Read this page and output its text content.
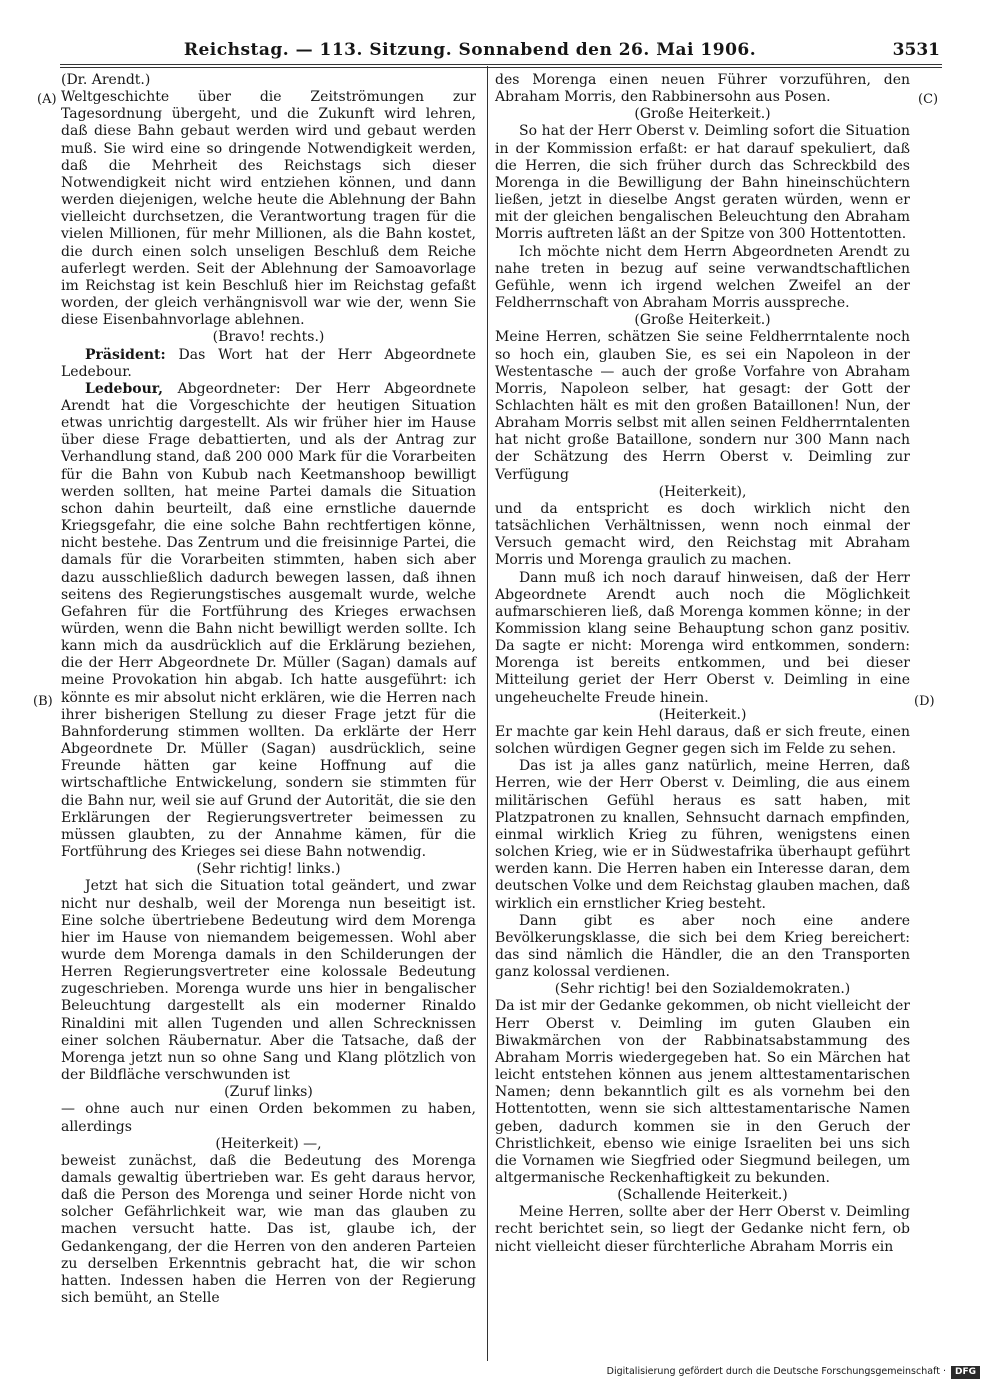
Reichstag. — 113. Sitzung. Sonnabend den 26. Mai 1906.	3531
(A)
(B)
(C)
(D)

(Dr. Arendt.)

Weltgeschichte über die Zeitströmungen zur Tagesordnung übergeht, und die Zukunft wird lehren, daß diese Bahn gebaut werden wird und gebaut werden muß. Sie wird eine so dringende Notwendigkeit werden, daß die Mehrheit des Reichstags sich dieser Notwendigkeit nicht wird entziehen können, und dann werden diejenigen, welche heute die Ablehnung der Bahn vielleicht durchsetzen, die Verantwortung tragen für die vielen Millionen, für mehr Millionen, als die Bahn kostet, die durch einen solch unseligen Beschluß dem Reiche auferlegt werden. Seit der Ablehnung der Samoavorlage im Reichstag ist kein Beschluß hier im Reichstag gefaßt worden, der gleich verhängnisvoll war wie der, wenn Sie diese Eisenbahnvorlage ablehnen.

(Bravo! rechts.)

Präsident: Das Wort hat der Herr Abgeordnete Ledebour.

Ledebour, Abgeordneter: Der Herr Abgeordnete Arendt hat die Vorgeschichte der heutigen Situation etwas unrichtig dargestellt. Als wir früher hier im Hause über diese Frage debattierten, und als der Antrag zur Verhandlung stand, daß 200 000 Mark für die Vorarbeiten für die Bahn von Kubub nach Keetmanshoop bewilligt werden sollten, hat meine Partei damals die Situation schon dahin beurteilt, daß eine ernstliche dauernde Kriegsgefahr, die eine solche Bahn rechtfertigen könne, nicht bestehe. Das Zentrum und die freisinnige Partei, die damals für die Vorarbeiten stimmten, haben sich aber dazu ausschließlich dadurch bewegen lassen, daß ihnen seitens des Regierungstisches ausgemalt wurde, welche Gefahren für die Fortführung des Krieges erwachsen würden, wenn die Bahn nicht bewilligt werden sollte. Ich kann mich da ausdrücklich auf die Erklärung beziehen, die der Herr Abgeordnete Dr. Müller (Sagan) damals auf meine Provokation hin abgab. Ich hatte ausgeführt: ich könnte es mir absolut nicht erklären, wie die Herren nach ihrer bisherigen Stellung zu dieser Frage jetzt für die Bahnforderung stimmen wollten. Da erklärte der Herr Abgeordnete Dr. Müller (Sagan) ausdrücklich, seine Freunde hätten gar keine Hoffnung auf die wirtschaftliche Entwickelung, sondern sie stimmten für die Bahn nur, weil sie auf Grund der Autorität, die sie den Erklärungen der Regierungsvertreter beimessen zu müssen glaubten, zu der Annahme kämen, für die Fortführung des Krieges sei diese Bahn notwendig.

(Sehr richtig! links.)

Jetzt hat sich die Situation total geändert, und zwar nicht nur deshalb, weil der Morenga nun beseitigt ist. Eine solche übertriebene Bedeutung wird dem Morenga hier im Hause von niemandem beigemessen. Wohl aber wurde dem Morenga damals in den Schilderungen der Herren Regierungsvertreter eine kolossale Bedeutung zugeschrieben. Morenga wurde uns hier in bengalischer Beleuchtung dargestellt als ein moderner Rinaldo Rinaldini mit allen Tugenden und allen Schrecknissen einer solchen Räubernatur. Aber die Tatsache, daß der Morenga jetzt nun so ohne Sang und Klang plötzlich von der Bildfläche verschwunden ist

(Zuruf links)

— ohne auch nur einen Orden bekommen zu haben, allerdings

(Heiterkeit) —,

beweist zunächst, daß die Bedeutung des Morenga damals gewaltig übertrieben war. Es geht daraus hervor, daß die Person des Morenga und seiner Horde nicht von solcher Gefährlichkeit war, wie man das glauben zu machen versucht hatte. Das ist, glaube ich, der Gedankengang, der die Herren von den anderen Parteien zu derselben Erkenntnis gebracht hat, die wir schon hatten. Indessen haben die Herren von der Regierung sich bemüht, an Stelle

des Morenga einen neuen Führer vorzuführen, den Abraham Morris, den Rabbinersohn aus Posen.

(Große Heiterkeit.)

So hat der Herr Oberst v. Deimling sofort die Situation in der Kommission erfaßt: er hat darauf spekuliert, daß die Herren, die sich früher durch das Schreckbild des Morenga in die Bewilligung der Bahn hineinschüchtern ließen, jetzt in dieselbe Angst geraten würden, wenn er mit der gleichen bengalischen Beleuchtung den Abraham Morris auftreten läßt an der Spitze von 300 Hottentotten.

Ich möchte nicht dem Herrn Abgeordneten Arendt zu nahe treten in bezug auf seine verwandtschaftlichen Gefühle, wenn ich irgend welchen Zweifel an der Feldherrnschaft von Abraham Morris ausspreche.

(Große Heiterkeit.)

Meine Herren, schätzen Sie seine Feldherrntalente noch so hoch ein, glauben Sie, es sei ein Napoleon in der Westentasche — auch der große Vorfahre von Abraham Morris, Napoleon selber, hat gesagt: der Gott der Schlachten hält es mit den großen Bataillonen! Nun, der Abraham Morris selbst mit allen seinen Feldherrntalenten hat nicht große Bataillone, sondern nur 300 Mann nach der Schätzung des Herrn Oberst v. Deimling zur Verfügung

(Heiterkeit),

und da entspricht es doch wirklich nicht den tatsächlichen Verhältnissen, wenn noch einmal der Versuch gemacht wird, den Reichstag mit Abraham Morris und Morenga graulich zu machen.

Dann muß ich noch darauf hinweisen, daß der Herr Abgeordnete Arendt auch noch die Möglichkeit aufmarschieren ließ, daß Morenga kommen könne; in der Kommission klang seine Behauptung schon ganz positiv. Da sagte er nicht: Morenga wird entkommen, sondern: Morenga ist bereits entkommen, und bei dieser Mitteilung geriet der Herr Oberst v. Deimling in eine ungeheuchelte Freude hinein.

(Heiterkeit.)

Er machte gar kein Hehl daraus, daß er sich freute, einen solchen würdigen Gegner gegen sich im Felde zu sehen.

Das ist ja alles ganz natürlich, meine Herren, daß Herren, wie der Herr Oberst v. Deimling, die aus einem militärischen Gefühl heraus es satt haben, mit Platzpatronen zu knallen, Sehnsucht darnach empfinden, einmal wirklich Krieg zu führen, wenigstens einen solchen Krieg, wie er in Südwestafrika überhaupt geführt werden kann. Die Herren haben ein Interesse daran, dem deutschen Volke und dem Reichstag glauben machen, daß wirklich ein ernstlicher Krieg besteht.

Dann gibt es aber noch eine andere Bevölkerungsklasse, die sich bei dem Krieg bereichert: das sind nämlich die Händler, die an den Transporten ganz kolossal verdienen.

(Sehr richtig! bei den Sozialdemokraten.)

Da ist mir der Gedanke gekommen, ob nicht vielleicht der Herr Oberst v. Deimling im guten Glauben ein Biwakmärchen von der Rabbinatsabstammung des Abraham Morris wiedergegeben hat. So ein Märchen hat leicht entstehen können aus jenem alttestamentarischen Namen; denn bekanntlich gilt es als vornehm bei den Hottentotten, wenn sie sich alttestamentarische Namen geben, dadurch kommen sie in den Geruch der Christlichkeit, ebenso wie einige Israeliten bei uns sich die Vornamen wie Siegfried oder Siegmund beilegen, um altgermanische Reckenhaftigkeit zu bekunden.

(Schallende Heiterkeit.)

Meine Herren, sollte aber der Herr Oberst v. Deimling recht berichtet sein, so liegt der Gedanke nicht fern, ob nicht vielleicht dieser fürchterliche Abraham Morris ein

Digitalisierung gefördert durch die Deutsche Forschungsgemeinschaft · DFG
